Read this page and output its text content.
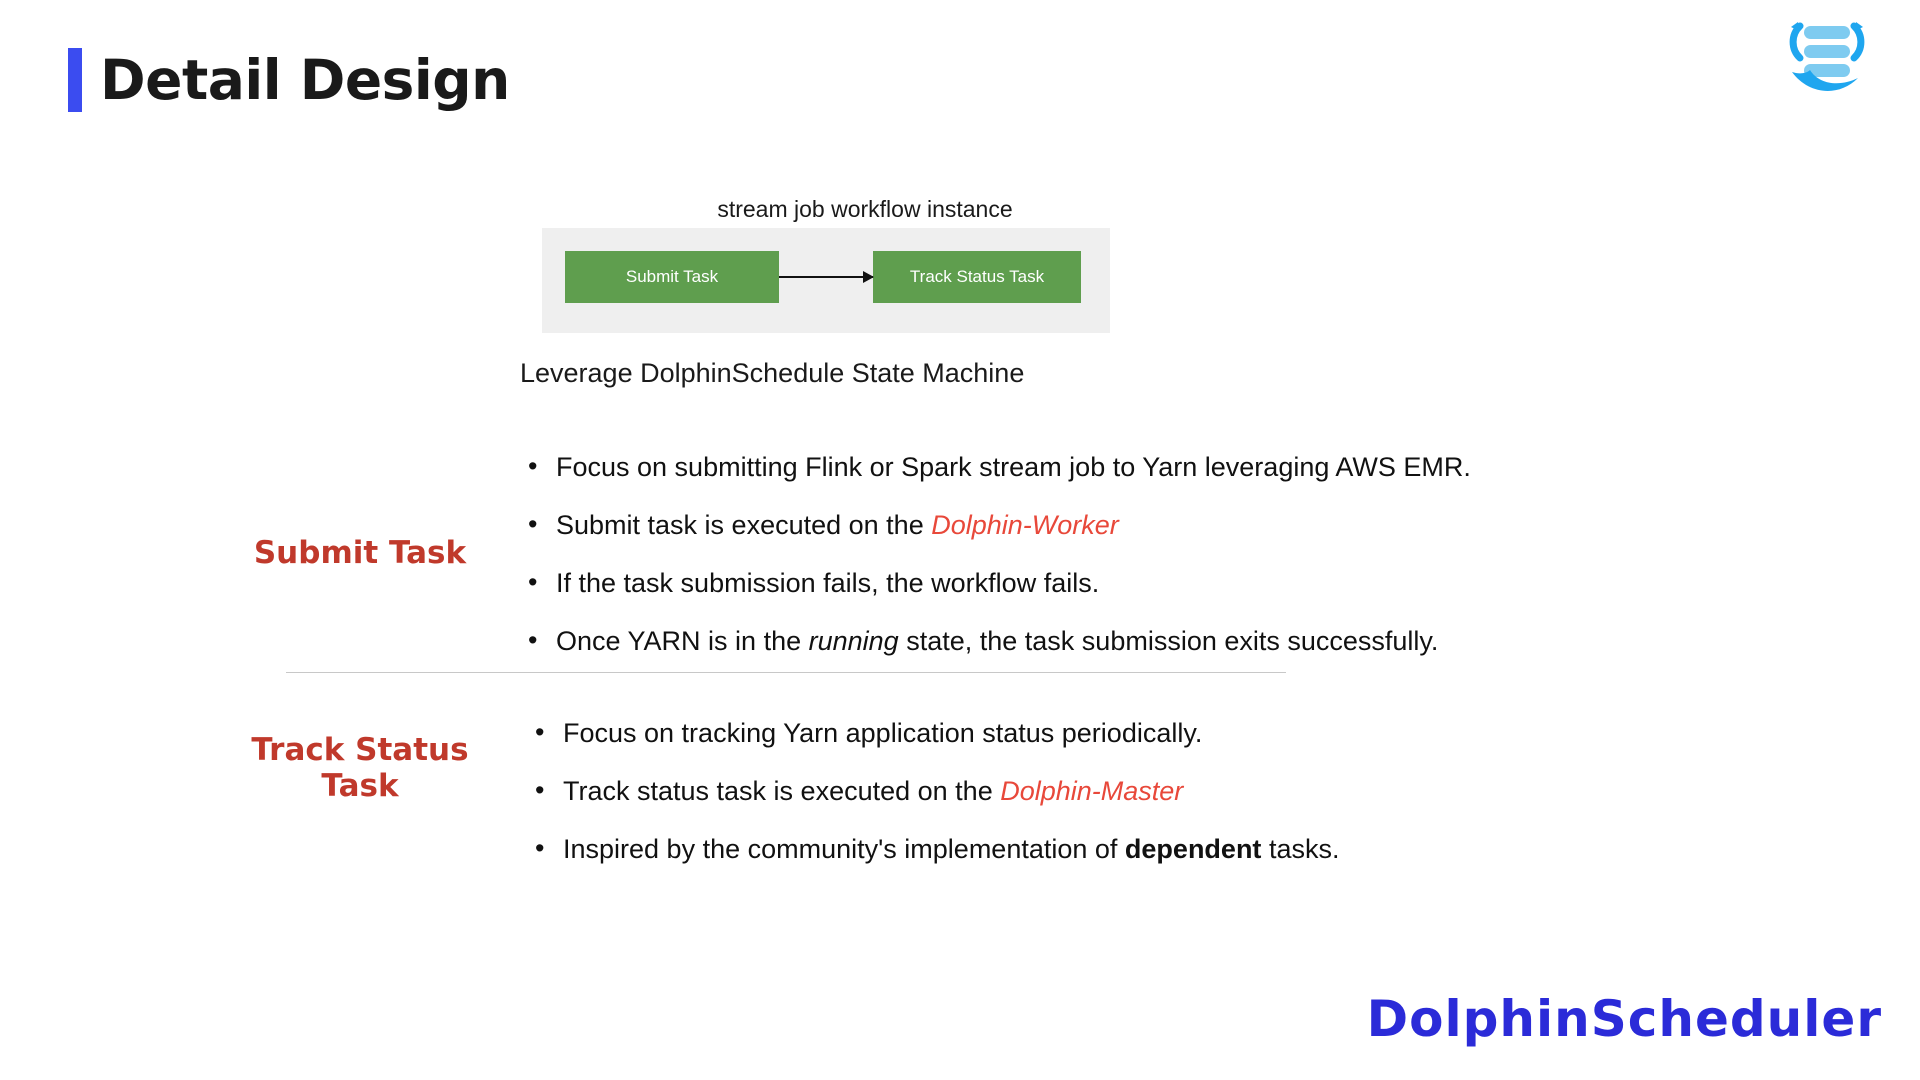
Detail Design
stream job workflow instance
Submit Task	Track Status Task
Leverage DolphinSchedule State Machine
Submit Task
• Focus on submitting Flink or Spark stream job to Yarn leveraging AWS EMR.
• Submit task is executed on the Dolphin-Worker
• If the task submission fails, the workflow fails.
• Once YARN is in the running state, the task submission exits successfully.
Track Status Task
• Focus on tracking Yarn application status periodically.
• Track status task is executed on the Dolphin-Master
• Inspired by the community's implementation of dependent tasks.
DolphinScheduler
